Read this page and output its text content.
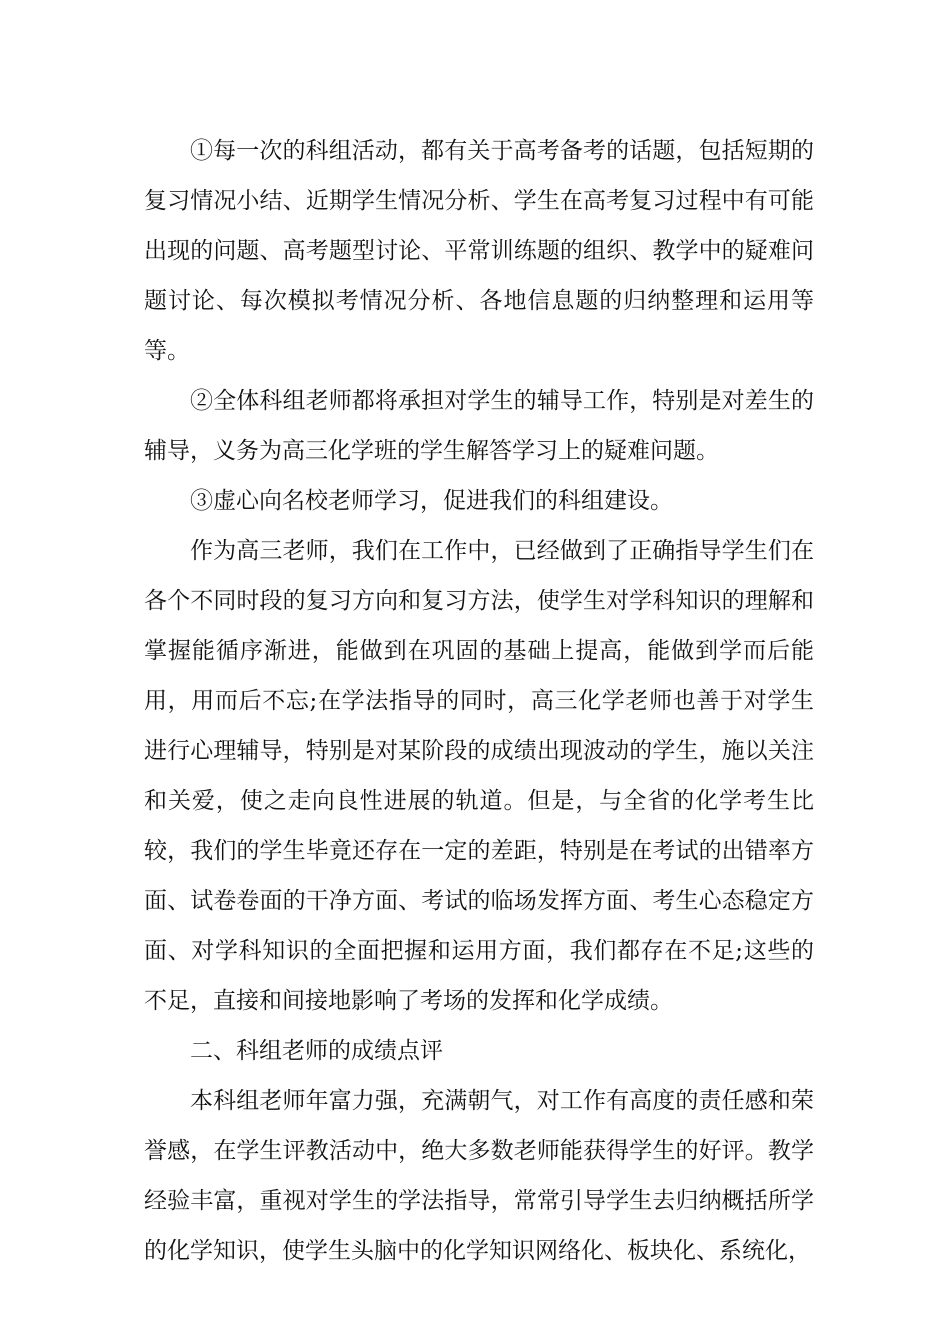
①每一次的科组活动，都有关于高考备考的话题，包括短期的复习情况小结、近期学生情况分析、学生在高考复习过程中有可能出现的问题、高考题型讨论、平常训练题的组织、教学中的疑难问题讨论、每次模拟考情况分析、各地信息题的归纳整理和运用等等。

②全体科组老师都将承担对学生的辅导工作，特别是对差生的辅导，义务为高三化学班的学生解答学习上的疑难问题。

③虚心向名校老师学习，促进我们的科组建设。

作为高三老师，我们在工作中，已经做到了正确指导学生们在各个不同时段的复习方向和复习方法，使学生对学科知识的理解和掌握能循序渐进，能做到在巩固的基础上提高，能做到学而后能用，用而后不忘;在学法指导的同时，高三化学老师也善于对学生进行心理辅导，特别是对某阶段的成绩出现波动的学生，施以关注和关爱，使之走向良性进展的轨道。但是，与全省的化学考生比较，我们的学生毕竟还存在一定的差距，特别是在考试的出错率方面、试卷卷面的干净方面、考试的临场发挥方面、考生心态稳定方面、对学科知识的全面把握和运用方面，我们都存在不足;这些的不足，直接和间接地影响了考场的发挥和化学成绩。

二、科组老师的成绩点评

本科组老师年富力强，充满朝气，对工作有高度的责任感和荣誉感，在学生评教活动中，绝大多数老师能获得学生的好评。教学经验丰富，重视对学生的学法指导，常常引导学生去归纳概括所学的化学知识，使学生头脑中的化学知识网络化、板块化、系统化，
